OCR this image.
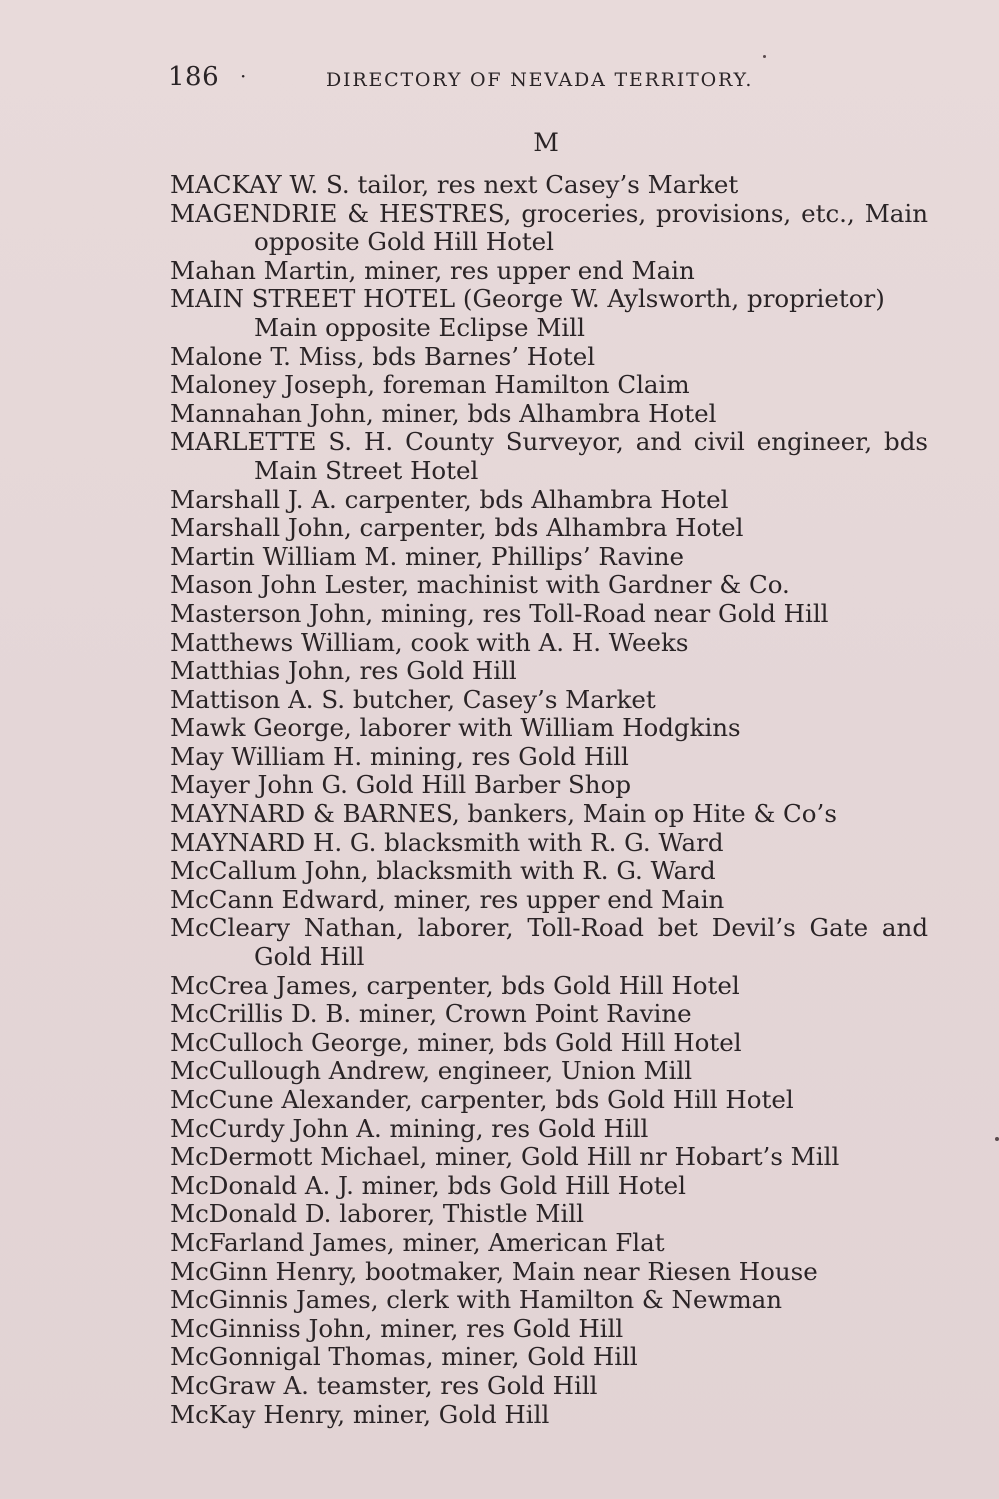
186 ·	DIRECTORY OF NEVADA TERRITORY.
M
MACKAY W. S. tailor, res next Casey’s Market
MAGENDRIE & HESTRES, groceries, provisions, etc., Main
opposite Gold Hill Hotel
Mahan Martin, miner, res upper end Main
MAIN STREET HOTEL (George W. Aylsworth, proprietor)
Main opposite Eclipse Mill
Malone T. Miss, bds Barnes’ Hotel
Maloney Joseph, foreman Hamilton Claim
Mannahan John, miner, bds Alhambra Hotel
MARLETTE S. H. County Surveyor, and civil engineer, bds
Main Street Hotel
Marshall J. A. carpenter, bds Alhambra Hotel
Marshall John, carpenter, bds Alhambra Hotel
Martin William M. miner, Phillips’ Ravine
Mason John Lester, machinist with Gardner & Co.
Masterson John, mining, res Toll-Road near Gold Hill
Matthews William, cook with A. H. Weeks
Matthias John, res Gold Hill
Mattison A. S. butcher, Casey’s Market
Mawk George, laborer with William Hodgkins
May William H. mining, res Gold Hill
Mayer John G. Gold Hill Barber Shop
MAYNARD & BARNES, bankers, Main op Hite & Co’s
MAYNARD H. G. blacksmith with R. G. Ward
McCallum John, blacksmith with R. G. Ward
McCann Edward, miner, res upper end Main
McCleary Nathan, laborer, Toll-Road bet Devil’s Gate and
Gold Hill
McCrea James, carpenter, bds Gold Hill Hotel
McCrillis D. B. miner, Crown Point Ravine
McCulloch George, miner, bds Gold Hill Hotel
McCullough Andrew, engineer, Union Mill
McCune Alexander, carpenter, bds Gold Hill Hotel
McCurdy John A. mining, res Gold Hill
McDermott Michael, miner, Gold Hill nr Hobart’s Mill
McDonald A. J. miner, bds Gold Hill Hotel
McDonald D. laborer, Thistle Mill
McFarland James, miner, American Flat
McGinn Henry, bootmaker, Main near Riesen House
McGinnis James, clerk with Hamilton & Newman
McGinniss John, miner, res Gold Hill
McGonnigal Thomas, miner, Gold Hill
McGraw A. teamster, res Gold Hill
McKay Henry, miner, Gold Hill
